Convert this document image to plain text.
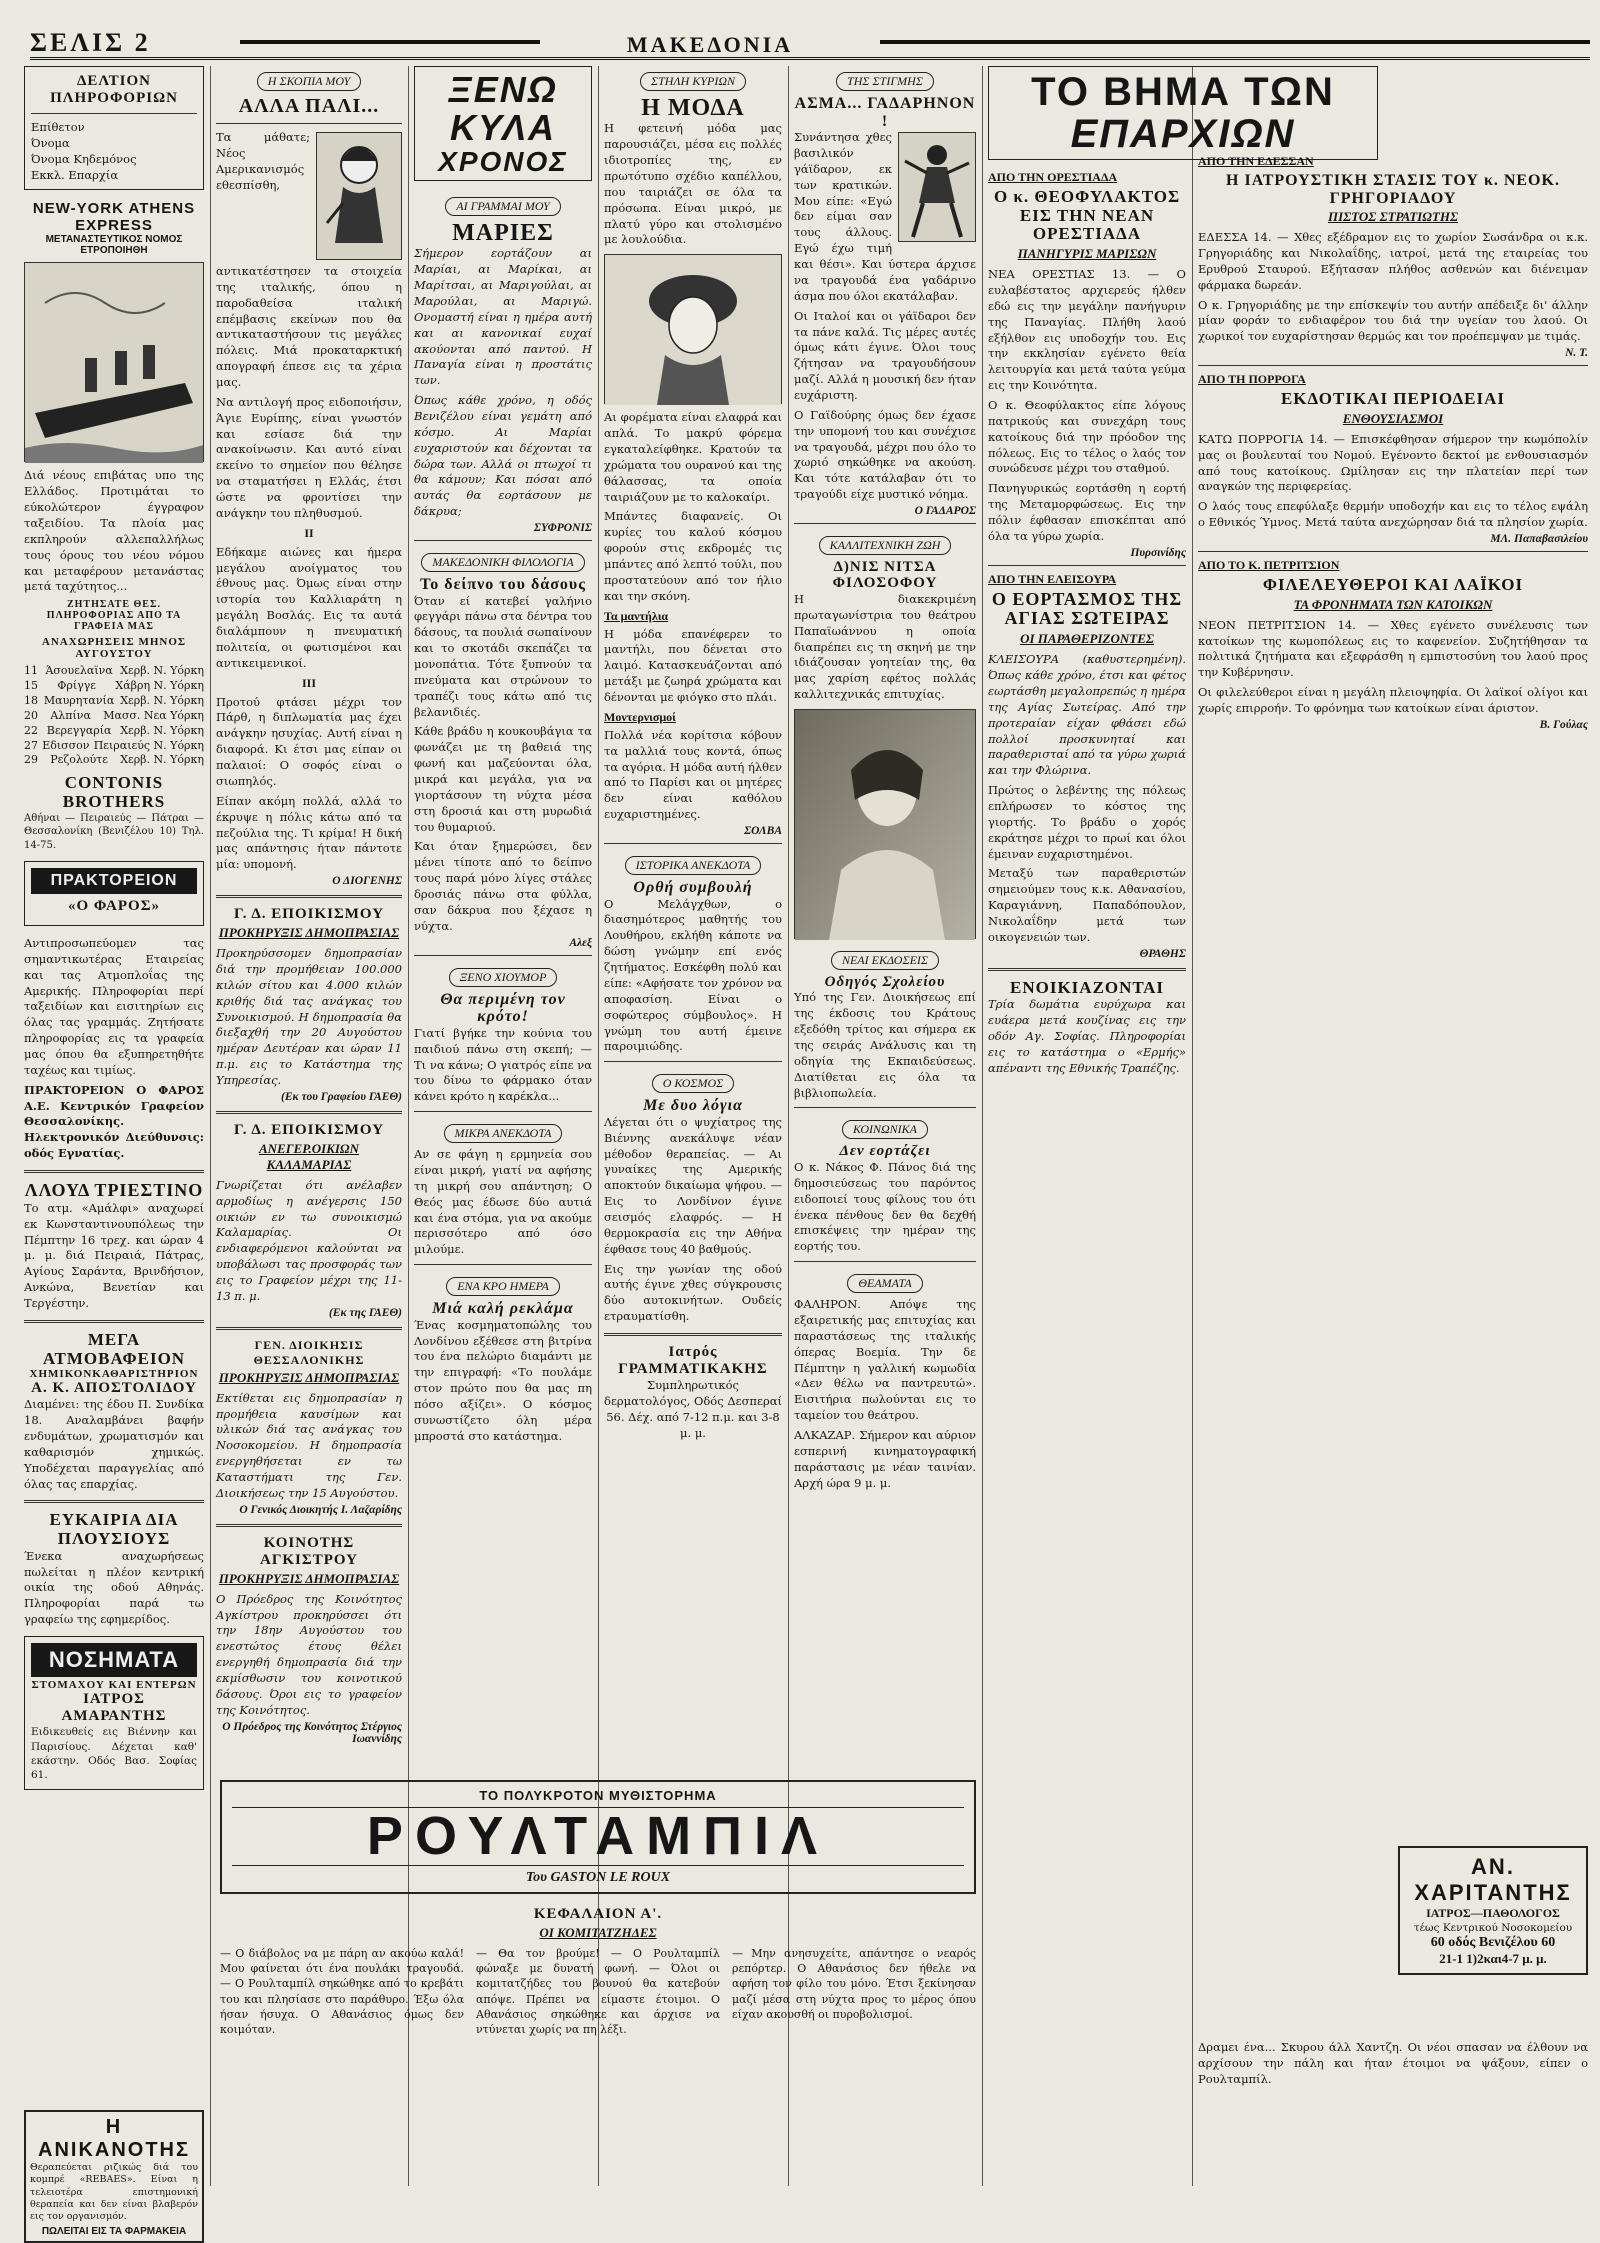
ΣΕΛΙΣ 2	ΜΑΚΕΔΟΝΙΑ
ΔΕΛΤΙΟΝ ΠΛΗΡΟΦΟΡΙΩΝ
Επίθετον
Όνομα
Όνομα Κηδεμόνος
Εκκλ. Επαρχία
NEW-YORK ATHENS EXPRESS
ΜΕΤΑΝΑΣΤΕΥΤΙΚΟΣ ΝΟΜΟΣ ΕΤΡΟΠΟΙΗΘΗ
Διά νέους επιβάτας υπο της Ελλάδος. Προτιμάται το εύκολώτερον έγγραφον ταξειδίου. Τα πλοία μας εκπληρούν αλλεπαλλήλως τους όρους του νέου νόμου και μεταφέρουν μετανάστας μετά ταχύτητος...
ΖΗΤΗΣΑΤΕ ΘΕΣ. ΠΛΗΡΟΦΟΡΙΑΣ ΑΠΟ ΤΑ ΓΡΑΦΕΙΑ ΜΑΣ
ΑΝΑΧΩΡΗΣΕΙΣ ΜΗΝΟΣ ΑΥΓΟΥΣΤΟΥ
11 Άσουελαϊνα Χερβ. Ν. Υόρκη
15 Φρίγγε Χάβρη Ν. Υόρκη
18 Μαυρητανία Χερβ. Ν. Υόρκη
20 Αλπίνα Μασσ. Νεα Υόρκη
22 Βερεγγαρία Χερβ. Ν. Υόρκη
27 Εδισσον Πειραιεύς Ν. Υόρκη
29 Ρεζολούτε Χερβ. Ν. Υόρκη
CONTONIS BROTHERS
Αθήναι — Πειραιεύς — Πάτραι — Θεσσαλονίκη (Βενιζέλου 10) Τηλ. 14-75.
ΠΡΑΚΤΟΡΕΙΟΝ
«Ο ΦΑΡΟΣ»
Αντιπροσωπεύομεν τας σημαντικωτέρας Εταιρείας και τας Ατμοπλοΐας της Αμερικής. Πληροφορίαι περί ταξειδίων και εισιτηρίων εις όλας τας γραμμάς. Ζητήσατε πληροφορίας εις τα γραφεία μας όπου θα εξυπηρετηθήτε ταχέως και τιμίως.
ΠΡΑΚΤΟΡΕΙΟΝ Ο ΦΑΡΟΣ Α.Ε. Κεντρικόν Γραφείον Θεσσαλονίκης. Ηλεκτρονικόν Διεύθυνσις: οδός Εγνατίας.
ΛΛΟΥΔ ΤΡΙΕΣΤΙΝΟ
Το ατμ. «Αμάλφι» αναχωρεί εκ Κωνσταντινουπόλεως την Πέμπτην 16 τρεχ. και ώραν 4 μ. μ. διά Πειραιά, Πάτρας, Αγίους Σαράντα, Βρινδήσιον, Ανκώνα, Βενετίαν και Τεργέστην.
ΜΕΓΑ ΑΤΜΟΒΑΦΕΙΟΝ
ΧΗΜΙΚΟΝΚΑΘΑΡΙΣΤΗΡΙΟΝ
Α. Κ. ΑΠΟΣΤΟΛΙΔΟΥ
Διαμένει: της έδου Π. Συνδίκα 18. Αναλαμβάνει βαφήν ενδυμάτων, χρωματισμόν και καθαρισμόν χημικώς. Υποδέχεται παραγγελίας από όλας τας επαρχίας.
ΕΥΚΑΙΡΙΑ ΔΙΑ ΠΛΟΥΣΙΟΥΣ
Ένεκα αναχωρήσεως πωλείται η πλέον κεντρική οικία της οδού Αθηνάς. Πληροφορίαι παρά τω γραφείω της εφημερίδος.
ΝΟΣΗΜΑΤΑ
ΣΤΟΜΑΧΟΥ ΚΑΙ ΕΝΤΕΡΩΝ
ΙΑΤΡΟΣ ΑΜΑΡΑΝΤΗΣ
Ειδικευθείς εις Βιέννην και Παρισίους. Δέχεται καθ' εκάστην. Οδός Βασ. Σοφίας 61.
Η ΣΚΟΠΙΑ ΜΟΥ
ΑΛΛΑ ΠΑΛΙ...
Τα μάθατε; Νέος Αμερικανισμός εθεσπίσθη, αντικατέστησεν τα στοιχεία της ιταλικής, όπου η παροδαθείσα ιταλική επέμβασις εκείνων που θα αντικαταστήσουν τις μεγάλες πόλεις. Μιά προκαταρκτική απογραφή έπεσε εις τα χέρια μας.
Να αντιλογή προς ειδοποιήσιν, Άγιε Ευρίπης, είναι γνωστόν και εσίασε διά την ανακοίνωσιν. Και αυτό είναι εκείνο το σημείον που θέλησε να σταματήσει η Ελλάς, έτσι ώστε να φροντίσει την ανάγκην του πληθυσμού.
ΙΙ
Εδήκαμε αιώνες και ήμερα μεγάλου ανοίγματος του έθνους μας. Όμως είναι στην ιστορία του Καλλιαράτη η μεγάλη Βοσλάς. Εις τα αυτά διαλάμπουν η πνευματική πολιτεία, οι φωτισμένοι και αντικειμενικοί.
ΙΙΙ
Προτού φτάσει μέχρι τον Πάρθ, η διπλωματία μας έχει ανάγκην ησυχίας. Αυτή είναι η διαφορά. Κι έτσι μας είπαν οι παλαιοί: Ο σοφός είναι ο σιωπηλός.
Είπαν ακόμη πολλά, αλλά το έκρυψε η πόλις κάτω από τα πεζούλια της. Τι κρίμα! Η δική μας απάντησις ήταν πάντοτε μία: υπομονή.
Ο ΔΙΟΓΕΝΗΣ
Γ. Δ. ΕΠΟΙΚΙΣΜΟΥ
ΠΡΟΚΗΡΥΞΙΣ ΔΗΜΟΠΡΑΣΙΑΣ
Προκηρύσσομεν δημοπρασίαν διά την προμήθειαν 100.000 κιλών σίτου και 4.000 κιλών κριθής διά τας ανάγκας του Συνοικισμού. Η δημοπρασία θα διεξαχθή την 20 Αυγούστου ημέραν Δευτέραν και ώραν 11 π.μ. εις το Κατάστημα της Υπηρεσίας.
(Εκ του Γραφείου ΓΑΕΘ)
Γ. Δ. ΕΠΟΙΚΙΣΜΟΥ
ΑΝΕΓΕΡ.ΟΙΚΙΩΝ ΚΑΛΑΜΑΡΙΑΣ
Γνωρίζεται ότι ανέλαβεν αρμοδίως η ανέγερσις 150 οικιών εν τω συνοικισμώ Καλαμαρίας. Οι ενδιαφερόμενοι καλούνται να υποβάλωσι τας προσφοράς των εις το Γραφείον μέχρι της 11-13 π. μ.
(Εκ της ΓΑΕΘ)
ΓΕΝ. ΔΙΟΙΚΗΣΙΣ ΘΕΣΣΑΛΟΝΙΚΗΣ
ΠΡΟΚΗΡΥΞΙΣ ΔΗΜΟΠΡΑΣΙΑΣ
Εκτίθεται εις δημοπρασίαν η προμήθεια καυσίμων και υλικών διά τας ανάγκας του Νοσοκομείου. Η δημοπρασία ενεργηθήσεται εν τω Καταστήματι της Γεν. Διοικήσεως την 15 Αυγούστου.
Ο Γενικός Διοικητής Ι. Λαζαρίδης
ΚΟΙΝΟΤΗΣ ΑΓΚΙΣΤΡΟΥ
ΠΡΟΚΗΡΥΞΙΣ ΔΗΜΟΠΡΑΣΙΑΣ
Ο Πρόεδρος της Κοινότητος Αγκίστρου προκηρύσσει ότι την 18ην Αυγούστου του ενεστώτος έτους θέλει ενεργηθή δημοπρασία διά την εκμίσθωσιν του κοινοτικού δάσους. Όροι εις το γραφείον της Κοινότητος.
Ο Πρόεδρος της Κοινότητος Στέργιος Ιωαννίδης
ΞΕΝΩ ΚΥΛΑ
ΧΡΟΝΟΣ
ΑΙ ΓΡΑΜΜΑΙ ΜΟΥ
ΜΑΡΙΕΣ
Σήμερον εορτάζουν αι Μαρίαι, αι Μαρίκαι, αι Μαρίτσαι, αι Μαριγούλαι, αι Μαρούλαι, αι Μαριγώ. Ονομαστή είναι η ημέρα αυτή και αι κανονικαί ευχαί ακούονται από παντού. Η Παναγία είναι η προστάτις των.
Όπως κάθε χρόνο, η οδός Βενιζέλου είναι γεμάτη από κόσμο. Αι Μαρίαι ευχαριστούν και δέχονται τα δώρα των. Αλλά οι πτωχοί τι θα κάμουν; Και πόσαι από αυτάς θα εορτάσουν με δάκρυα;
ΣΥΦΡΟΝΙΣ
ΜΑΚΕΔΟΝΙΚΗ ΦΙΛΟΛΟΓΙΑ
Το δείπνο του δάσους
Όταν εί κατεβεί γαλήνιο φεγγάρι πάνω στα δέντρα του δάσους, τα πουλιά σωπαίνουν και το σκοτάδι σκεπάζει τα μονοπάτια. Τότε ξυπνούν τα πνεύματα και στρώνουν το τραπέζι τους κάτω από τις βελανιδιές.
Κάθε βράδυ η κουκουβάγια τα φωνάζει με τη βαθειά της φωνή και μαζεύονται όλα, μικρά και μεγάλα, για να γιορτάσουν τη νύχτα μέσα στη δροσιά και στη μυρωδιά του θυμαριού.
Και όταν ξημερώσει, δεν μένει τίποτε από το δείπνο τους παρά μόνο λίγες στάλες δροσιάς πάνω στα φύλλα, σαν δάκρυα που ξέχασε η νύχτα.
Αλεξ
ΞΕΝΟ ΧΙΟΥΜΟΡ
Θα περιμένη τον κρότο!
Γιατί βγήκε την κούνια του παιδιού πάνω στη σκεπή; — Τι να κάνω; Ο γιατρός είπε να του δίνω το φάρμακο όταν κάνει κρότο η καρέκλα...
ΜΙΚΡΑ ΑΝΕΚΔΟΤΑ
Αν σε φάγη η ερμηνεία σου είναι μικρή, γιατί να αφήσης τη μικρή σου απάντηση; Ο Θεός μας έδωσε δύο αυτιά και ένα στόμα, για να ακούμε περισσότερο από όσο μιλούμε.
ΕΝΑ ΚΡΟ ΗΜΕΡΑ
Μιά καλή ρεκλάμα
Ένας κοσμηματοπώλης του Λονδίνου εξέθεσε στη βιτρίνα του ένα πελώριο διαμάντι με την επιγραφή: «Το πουλάμε στον πρώτο που θα μας πη πόσο αξίζει». Ο κόσμος συνωστίζετο όλη μέρα μπροστά στο κατάστημα.
ΣΤΗΛΗ ΚΥΡΙΩΝ
Η ΜΟΔΑ
Η φετεινή μόδα μας παρουσιάζει, μέσα εις πολλές ιδιοτροπίες της, εν πρωτότυπο σχέδιο καπέλλου, που ταιριάζει σε όλα τα πρόσωπα. Είναι μικρό, με πλατύ γύρο και στολισμένο με λουλούδια.
Αι φορέματα είναι ελαφρά και απλά. Το μακρύ φόρεμα εγκαταλείφθηκε. Κρατούν τα χρώματα του ουρανού και της θάλασσας, τα οποία ταιριάζουν με το καλοκαίρι.
Μπάντες διαφανείς. Οι κυρίες του καλού κόσμου φορούν στις εκδρομές τις μπάντες από λεπτό τούλι, που προστατεύουν από τον ήλιο και την σκόνη.
Τα μαντήλια
Η μόδα επανέφερεν το μαντήλι, που δένεται στο λαιμό. Κατασκευάζονται από μετάξι με ζωηρά χρώματα και δένονται με φιόγκο στο πλάι.
Μοντερνισμοί
Πολλά νέα κορίτσια κόβουν τα μαλλιά τους κοντά, όπως τα αγόρια. Η μόδα αυτή ήλθεν από το Παρίσι και οι μητέρες δεν είναι καθόλου ευχαριστημένες.
ΣΟΛΒΑ
ΙΣΤΟΡΙΚΑ ΑΝΕΚΔΟΤΑ
Ορθή συμβουλή
Ο Μελάγχθων, ο διασημότερος μαθητής του Λουθήρου, εκλήθη κάποτε να δώση γνώμην επί ενός ζητήματος. Εσκέφθη πολύ και είπε: «Αφήσατε τον χρόνον να αποφασίση. Είναι ο σοφώτερος σύμβουλος». Η γνώμη του αυτή έμεινε παροιμιώδης.
Ο ΚΟΣΜΟΣ
Με δυο λόγια
Λέγεται ότι ο ψυχίατρος της Βιέννης ανεκάλυψε νέαν μέθοδον θεραπείας. — Αι γυναίκες της Αμερικής αποκτούν δικαίωμα ψήφου. — Εις το Λονδίνον έγινε σεισμός ελαφρός. — Η θερμοκρασία εις την Αθήνα έφθασε τους 40 βαθμούς.
Εις την γωνίαν της οδού αυτής έγινε χθες σύγκρουσις δύο αυτοκινήτων. Ουδείς ετραυματίσθη.
Ιατρός ΓΡΑΜΜΑΤΙΚΑΚΗΣ
Συμπληρωτικός δερματολόγος, Οδός Δεσπεραί 56. Δέχ. από 7-12 π.μ. και 3-8 μ. μ.
ΤΗΣ ΣΤΙΓΜΗΣ
ΑΣΜΑ... ΓΑΔΑΡΗΝΟΝ !
Συνάντησα χθες βασιλικόν γάϊδαρον, εκ των κρατικών. Μου είπε: «Εγώ δεν είμαι σαν τους άλλους. Εγώ έχω τιμή και θέσι». Και ύστερα άρχισε να τραγουδά ένα γαδάρινο άσμα που όλοι εκατάλαβαν.
Οι Ιταλοί και οι γάϊδαροι δεν τα πάνε καλά. Τις μέρες αυτές όμως κάτι έγινε. Όλοι τους ζήτησαν να τραγουδήσουν μαζί. Αλλά η μουσική δεν ήταν ευχάριστη.
Ο Γαϊδούρης όμως δεν έχασε την υπομονή του και συνέχισε να τραγουδά, μέχρι που όλο το χωριό σηκώθηκε να ακούση. Και τότε κατάλαβαν ότι το τραγούδι είχε μυστικό νόημα.
Ο ΓΑΔΑΡΟΣ
ΚΑΛΛΙΤΕΧΝΙΚΗ ΖΩΗ
Δ)ΝΙΣ ΝΙΤΣΑ ΦΙΛΟΣΟΦΟΥ
Η διακεκριμένη πρωταγωνίστρια του θεάτρου Παπαϊωάννου η οποία διαπρέπει εις τη σκηνή με την ιδιάζουσαν γοητείαν της, θα μας χαρίση εφέτος πολλάς καλλιτεχνικάς επιτυχίας.
ΝΕΑΙ ΕΚΔΟΣΕΙΣ
Οδηγός Σχολείου
Υπό της Γεν. Διοικήσεως επί της έκδοσις του Κράτους εξεδόθη τρίτος και σήμερα εκ της σειράς Ανάλυσις και τη οδηγία της Εκπαιδεύσεως. Διατίθεται εις όλα τα βιβλιοπωλεία.
ΚΟΙΝΩΝΙΚΑ
Δεν εορτάζει
Ο κ. Νάκος Φ. Πάνος διά της δημοσιεύσεως του παρόντος ειδοποιεί τους φίλους του ότι ένεκα πένθους δεν θα δεχθή επισκέψεις την ημέραν της εορτής του.
ΘΕΑΜΑΤΑ
ΦΑΛΗΡΟΝ. Απόψε της εξαιρετικής μας επιτυχίας και παραστάσεως της ιταλικής όπερας Βοεμία. Την δε Πέμπτην η γαλλική κωμωδία «Δεν θέλω να παντρευτώ». Εισιτήρια πωλούνται εις το ταμείον του θεάτρου.
ΑΛΚΑΖΑΡ. Σήμερον και αύριον εσπερινή κινηματογραφική παράστασις με νέαν ταινίαν. Αρχή ώρα 9 μ. μ.
ΤΟ ΒΗΜΑ ΤΩΝ
ΕΠΑΡΧΙΩΝ
ΑΠΟ ΤΗΝ ΟΡΕΣΤΙΑΔΑ
Ο κ. ΘΕΟΦΥΛΑΚΤΟΣ ΕΙΣ ΤΗΝ ΝΕΑΝ ΟΡΕΣΤΙΑΔΑ
ΠΑΝΗΓΥΡΙΣ ΜΑΡΙΣΩΝ
ΝΕΑ ΟΡΕΣΤΙΑΣ 13. — Ο ευλαβέστατος αρχιερεύς ήλθεν εδώ εις την μεγάλην πανήγυριν της Παναγίας. Πλήθη λαού εξήλθον εις υποδοχήν του. Εις την εκκλησίαν εγένετο θεία λειτουργία και μετά ταύτα γεύμα εις την Κοινότητα.
Ο κ. Θεοφύλακτος είπε λόγους πατρικούς και συνεχάρη τους κατοίκους διά την πρόοδον της πόλεως. Εις το τέλος ο λαός τον συνώδευσε μέχρι του σταθμού.
Πανηγυρικώς εορτάσθη η εορτή της Μεταμορφώσεως. Εις την πόλιν έφθασαν επισκέπται από όλα τα γύρω χωρία.
Πυρσινίδης
ΑΠΟ ΤΗΝ ΕΛΕΙΣΟΥΡΑ
Ο ΕΟΡΤΑΣΜΟΣ ΤΗΣ ΑΓΙΑΣ ΣΩΤΕΙΡΑΣ
ΟΙ ΠΑΡΑΘΕΡΙΖΟΝΤΕΣ
ΚΛΕΙΣΟΥΡΑ (καθυστερημένη). Όπως κάθε χρόνο, έτσι και φέτος εωρτάσθη μεγαλοπρεπώς η ημέρα της Αγίας Σωτείρας. Από την προτεραίαν είχαν φθάσει εδώ πολλοί προσκυνηταί και παραθερισταί από τα γύρω χωριά και την Φλώρινα.
Πρώτος ο λεβέντης της πόλεως επλήρωσεν το κόστος της γιορτής. Το βράδυ ο χορός εκράτησε μέχρι το πρωί και όλοι έμειναν ευχαριστημένοι.
Μεταξύ των παραθεριστών σημειούμεν τους κ.κ. Αθανασίου, Καραγιάννη, Παπαδόπουλον, Νικολαΐδην μετά των οικογενειών των.
ΘΡΑΘΗΣ
ΕΝΟΙΚΙΑΖΟΝΤΑΙ
Τρία δωμάτια ευρύχωρα και ευάερα μετά κουζίνας εις την οδόν Αγ. Σοφίας. Πληροφορίαι εις το κατάστημα ο «Ερμής» απέναντι της Εθνικής Τραπέζης.
ΑΠΟ ΤΗΝ ΕΔΕΣΣΑΝ
Η ΙΑΤΡΟΥΣΤΙΚΗ ΣΤΑΣΙΣ ΤΟΥ κ. ΝΕΟΚ. ΓΡΗΓΟΡΙΑΔΟΥ
ΠΙΣΤΟΣ ΣΤΡΑΤΙΩΤΗΣ
ΕΔΕΣΣΑ 14. — Χθες εξέδραμον εις το χωρίον Σωσάνδρα οι κ.κ. Γρηγοριάδης και Νικολαΐδης, ιατροί, μετά της εταιρείας του Ερυθρού Σταυρού. Εξήτασαν πλήθος ασθενών και διένειμαν φάρμακα δωρεάν.
Ο κ. Γρηγοριάδης με την επίσκεψίν του αυτήν απέδειξε δι' άλλην μίαν φοράν το ενδιαφέρον του διά την υγείαν του λαού. Οι χωρικοί τον ευχαρίστησαν θερμώς και τον προέπεμψαν με τιμάς.
Ν. Τ.
ΑΠΟ ΤΗ ΠΟΡΡΟΓΑ
ΕΚΔΟΤΙΚΑΙ ΠΕΡΙΟΔΕΙΑΙ
ΕΝΘΟΥΣΙΑΣΜΟΙ
ΚΑΤΩ ΠΟΡΡΟΓΙΑ 14. — Επισκέφθησαν σήμερον την κωμόπολίν μας οι βουλευταί του Νομού. Εγένοντο δεκτοί με ενθουσιασμόν από τους κατοίκους. Ωμίλησαν εις την πλατείαν περί των αναγκών της περιφερείας.
Ο λαός τους επεφύλαξε θερμήν υποδοχήν και εις το τέλος εψάλη ο Εθνικός Ύμνος. Μετά ταύτα ανεχώρησαν διά τα πλησίον χωρία.
ΜΛ. Παπαβασιλείου
ΑΠΟ ΤΟ Κ. ΠΕΤΡΙΤΣΙΟΝ
ΦΙΛΕΛΕΥΘΕΡΟΙ ΚΑΙ ΛΑΪΚΟΙ
ΤΑ ΦΡΟΝΗΜΑΤΑ ΤΩΝ ΚΑΤΟΙΚΩΝ
ΝΕΟΝ ΠΕΤΡΙΤΣΙΟΝ 14. — Χθες εγένετο συνέλευσις των κατοίκων της κωμοπόλεως εις το καφενείον. Συζητήθησαν τα πολιτικά ζητήματα και εξεφράσθη η εμπιστοσύνη του λαού προς την Κυβέρνησιν.
Οι φιλελεύθεροι είναι η μεγάλη πλειοψηφία. Οι λαϊκοί ολίγοι και χωρίς επιρροήν. Το φρόνημα των κατοίκων είναι άριστον.
Β. Γούλας
ΑΝ. ΧΑΡΙΤΑΝΤΗΣ
ΙΑΤΡΟΣ—ΠΑΘΟΛΟΓΟΣ
τέως Κεντρικού Νοσοκομείου
60 οδός Βενιζέλου 60
21-1 1)2και4-7 μ. μ.
Δραμει ένα... Σκυρου άλλ Χαντζη. Οι νέοι σπασαν να έλθουν να αρχίσουν την πάλη και ήταν έτοιμοι να ψάξουν, είπεν ο Ρουλταμπίλ.
ΤΟ ΠΟΛΥΚΡΟΤΟΝ ΜΥΘΙΣΤΟΡΗΜΑ
ΡΟΥΛΤΑΜΠΙΛ
Του GASTON LE ROUX
ΚΕΦΑΛΑΙΟΝ Α'.
ΟΙ ΚΟΜΙΤΑΤΖΗΔΕΣ
— Ο διάβολος να με πάρη αν ακούω καλά! Μου φαίνεται ότι ένα πουλάκι τραγουδά. — Ο Ρουλταμπίλ σηκώθηκε από το κρεβάτι του και πλησίασε στο παράθυρο. Έξω όλα ήσαν ήσυχα. Ο Αθανάσιος όμως δεν κοιμόταν.
— Θα τον βρούμε! — Ο Ρουλταμπίλ φώναξε με δυνατή φωνή. — Όλοι οι κομιτατζήδες του βουνού θα κατεβούν απόψε. Πρέπει να είμαστε έτοιμοι. Ο Αθανάσιος σηκώθηκε και άρχισε να ντύνεται χωρίς να πη λέξι.
— Μην ανησυχείτε, απάντησε ο νεαρός ρεπόρτερ. Ο Αθανάσιος δεν ήθελε να αφήση τον φίλο του μόνο. Έτσι ξεκίνησαν μαζί μέσα στη νύχτα προς το μέρος όπου είχαν ακουσθή οι πυροβολισμοί.
Η ΑΝΙΚΑΝΟΤΗΣ
Θεραπεύεται ριζικώς διά του κομπρέ «REBAES». Είναι η τελειοτέρα επιστημονική θεραπεία και δεν είναι βλαβερόν εις τον οργανισμόν.
ΠΩΛΕΙΤΑΙ ΕΙΣ ΤΑ ΦΑΡΜΑΚΕΙΑ
